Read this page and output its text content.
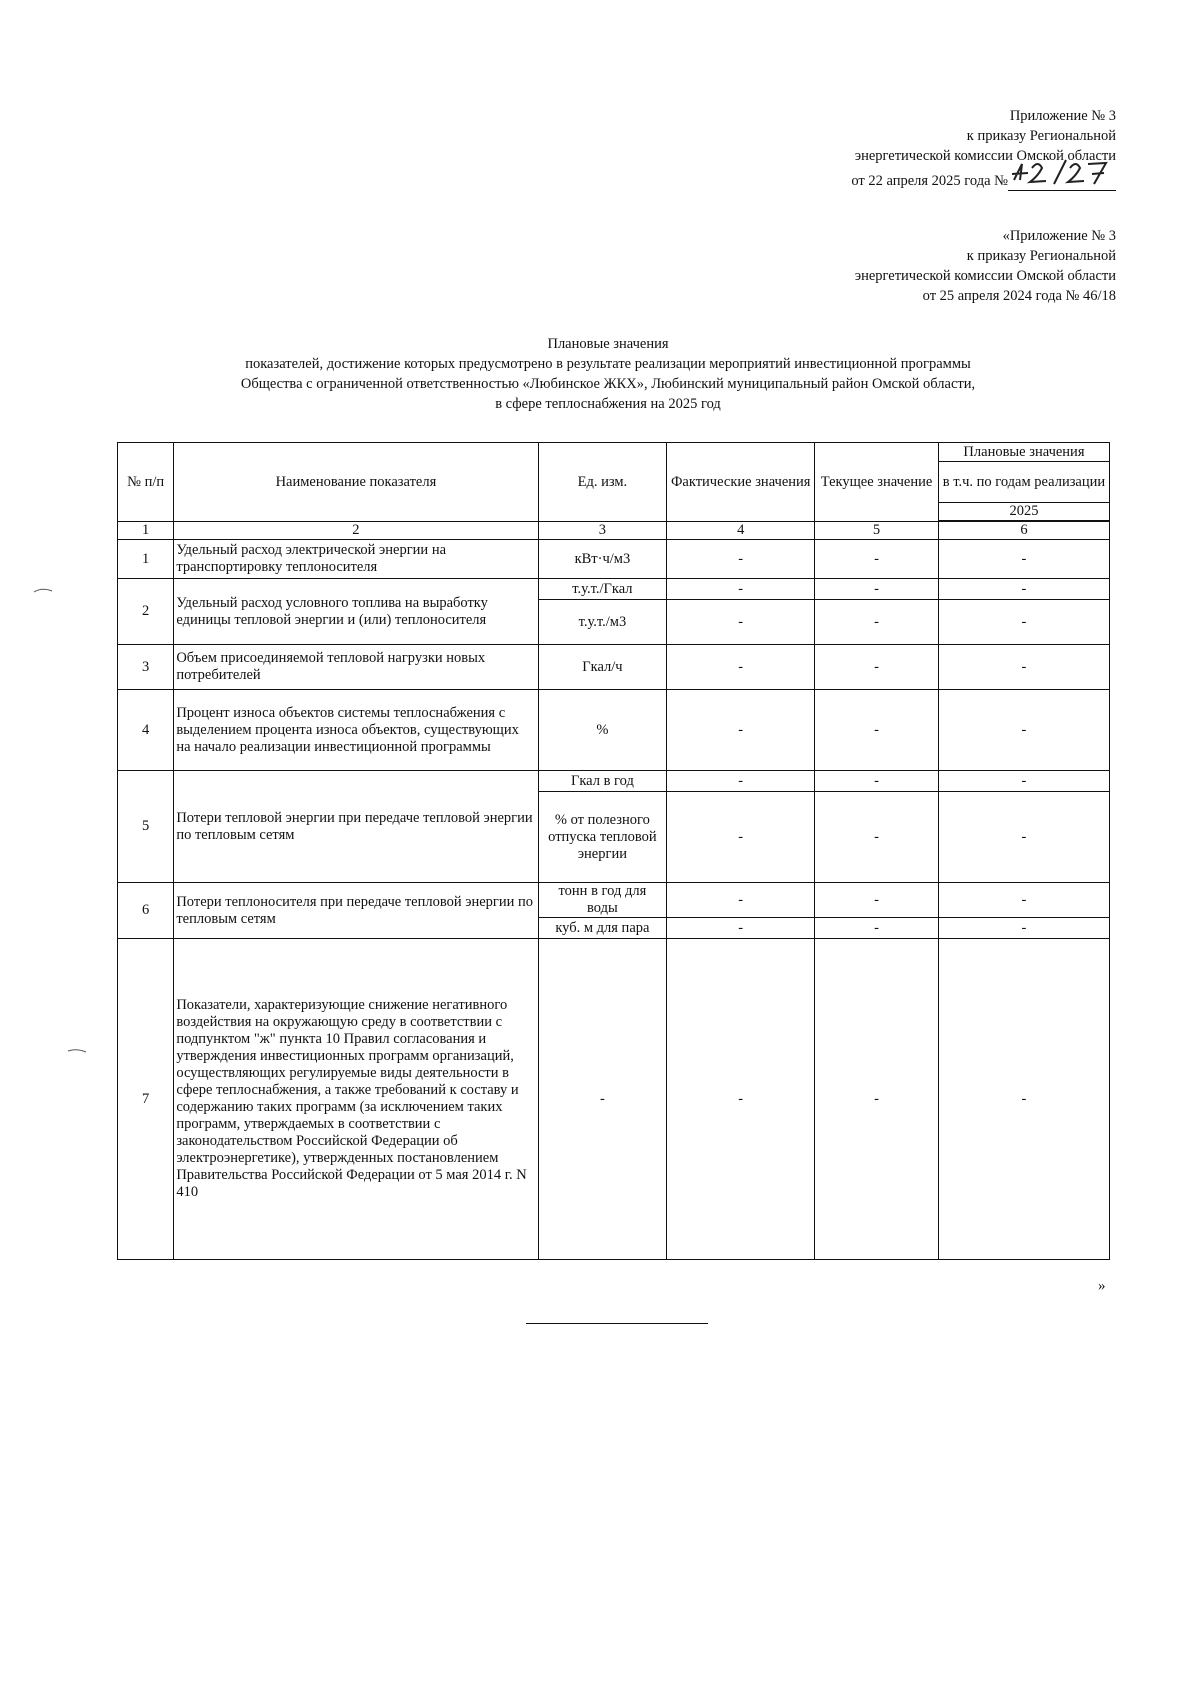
Приложение № 3
к приказу Региональной
энергетической комиссии Омской области
от 22 апреля 2025 года №
«Приложение № 3
к приказу Региональной
энергетической комиссии Омской области
от 25 апреля 2024 года № 46/18
Плановые значения
показателей, достижение которых предусмотрено в результате реализации мероприятий инвестиционной программы
Общества с ограниченной ответственностью «Любинское ЖКХ», Любинский муниципальный район Омской области,
в сфере теплоснабжения на 2025 год
№ п/п	Наименование показателя	Ед. изм.	Фактические значения	Текущее значение	Плановые значения
					в т.ч. по годам реализации
					2025

1	2	3	4	5	6
1	Удельный расход электрической энергии на транспортировку теплоносителя	кВт·ч/м3	-	-	-
2	Удельный расход условного топлива на выработку единицы тепловой энергии и (или) теплоносителя	т.у.т./Гкал	-	-	-
		т.у.т./м3	-	-	-
3	Объем присоединяемой тепловой нагрузки новых потребителей	Гкал/ч	-	-	-
4	Процент износа объектов системы теплоснабжения с выделением процента износа объектов, существующих на начало реализации инвестиционной программы	%	-	-	-
5	Потери тепловой энергии при передаче тепловой энергии по тепловым сетям	Гкал в год	-	-	-
		% от полезного отпуска тепловой энергии	-	-	-
6	Потери теплоносителя при передаче тепловой энергии по тепловым сетям	тонн в год для воды	-	-	-
		куб. м для пара	-	-	-
7	Показатели, характеризующие снижение негативного воздействия на окружающую среду в соответствии с подпунктом "ж" пункта 10 Правил согласования и утверждения инвестиционных программ организаций, осуществляющих регулируемые виды деятельности в сфере теплоснабжения, а также требований к составу и содержанию таких программ (за исключением таких программ, утверждаемых в соответствии с законодательством Российской Федерации об электроэнергетике), утвержденных постановлением Правительства Российской Федерации от 5 мая 2014 г. N 410	-	-	-	-
»
